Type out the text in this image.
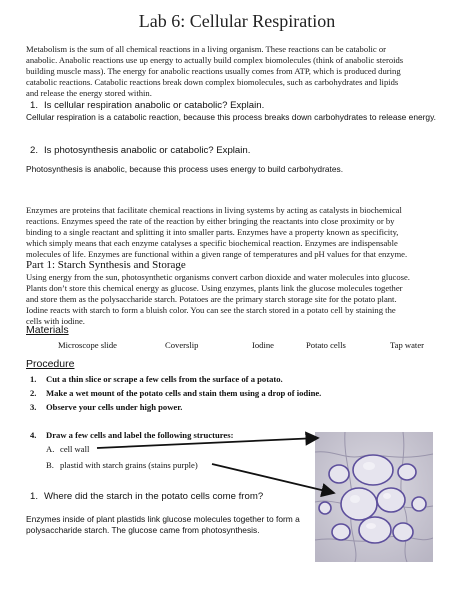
Lab 6: Cellular Respiration
Metabolism is the sum of all chemical reactions in a living organism. These reactions can be catabolic or
anabolic. Anabolic reactions use up energy to actually build complex biomolecules (think of anabolic steroids
building muscle mass). The energy for anabolic reactions usually comes from ATP, which is produced during
catabolic reactions. Catabolic reactions break down complex biomolecules, such as carbohydrates and lipids
and release the energy stored within.
1. Is cellular respiration anabolic or catabolic? Explain.
Cellular respiration is a catabolic reaction, because this process breaks down carbohydrates to release energy.
2. Is photosynthesis anabolic or catabolic? Explain.
Photosynthesis is anabolic, because this process uses energy to build carbohydrates.
Enzymes are proteins that facilitate chemical reactions in living systems by acting as catalysts in biochemical
reactions. Enzymes speed the rate of the reaction by either bringing the reactants into close proximity or by
binding to a single reactant and splitting it into smaller parts. Enzymes have a property known as specificity,
which simply means that each enzyme catalyses a specific biochemical reaction. Enzymes are indispensable
molecules of life. Enzymes are functional within a given range of temperatures and pH values for that enzyme.
Part 1: Starch Synthesis and Storage
Using energy from the sun, photosynthetic organisms convert carbon dioxide and water molecules into glucose.
Plants don’t store this chemical energy as glucose. Using enzymes, plants link the glucose molecules together
and store them as the polysaccharide starch. Potatoes are the primary starch storage site for the potato plant.
Iodine reacts with starch to form a bluish color. You can see the starch stored in a potato cell by staining the
cells with iodine.
Materials
Microscope slide	Coverslip	Iodine	Potato cells	Tap water
Procedure
1. Cut a thin slice or scrape a few cells from the surface of a potato.
2. Make a wet mount of the potato cells and stain them using a drop of iodine.
3. Observe your cells under high power.
4. Draw a few cells and label the following structures:
A. cell wall
B. plastid with starch grains (stains purple)
1. Where did the starch in the potato cells come from?
Enzymes inside of plant plastids link glucose molecules together to form a
polysaccharide starch. The glucose came from photosynthesis.
